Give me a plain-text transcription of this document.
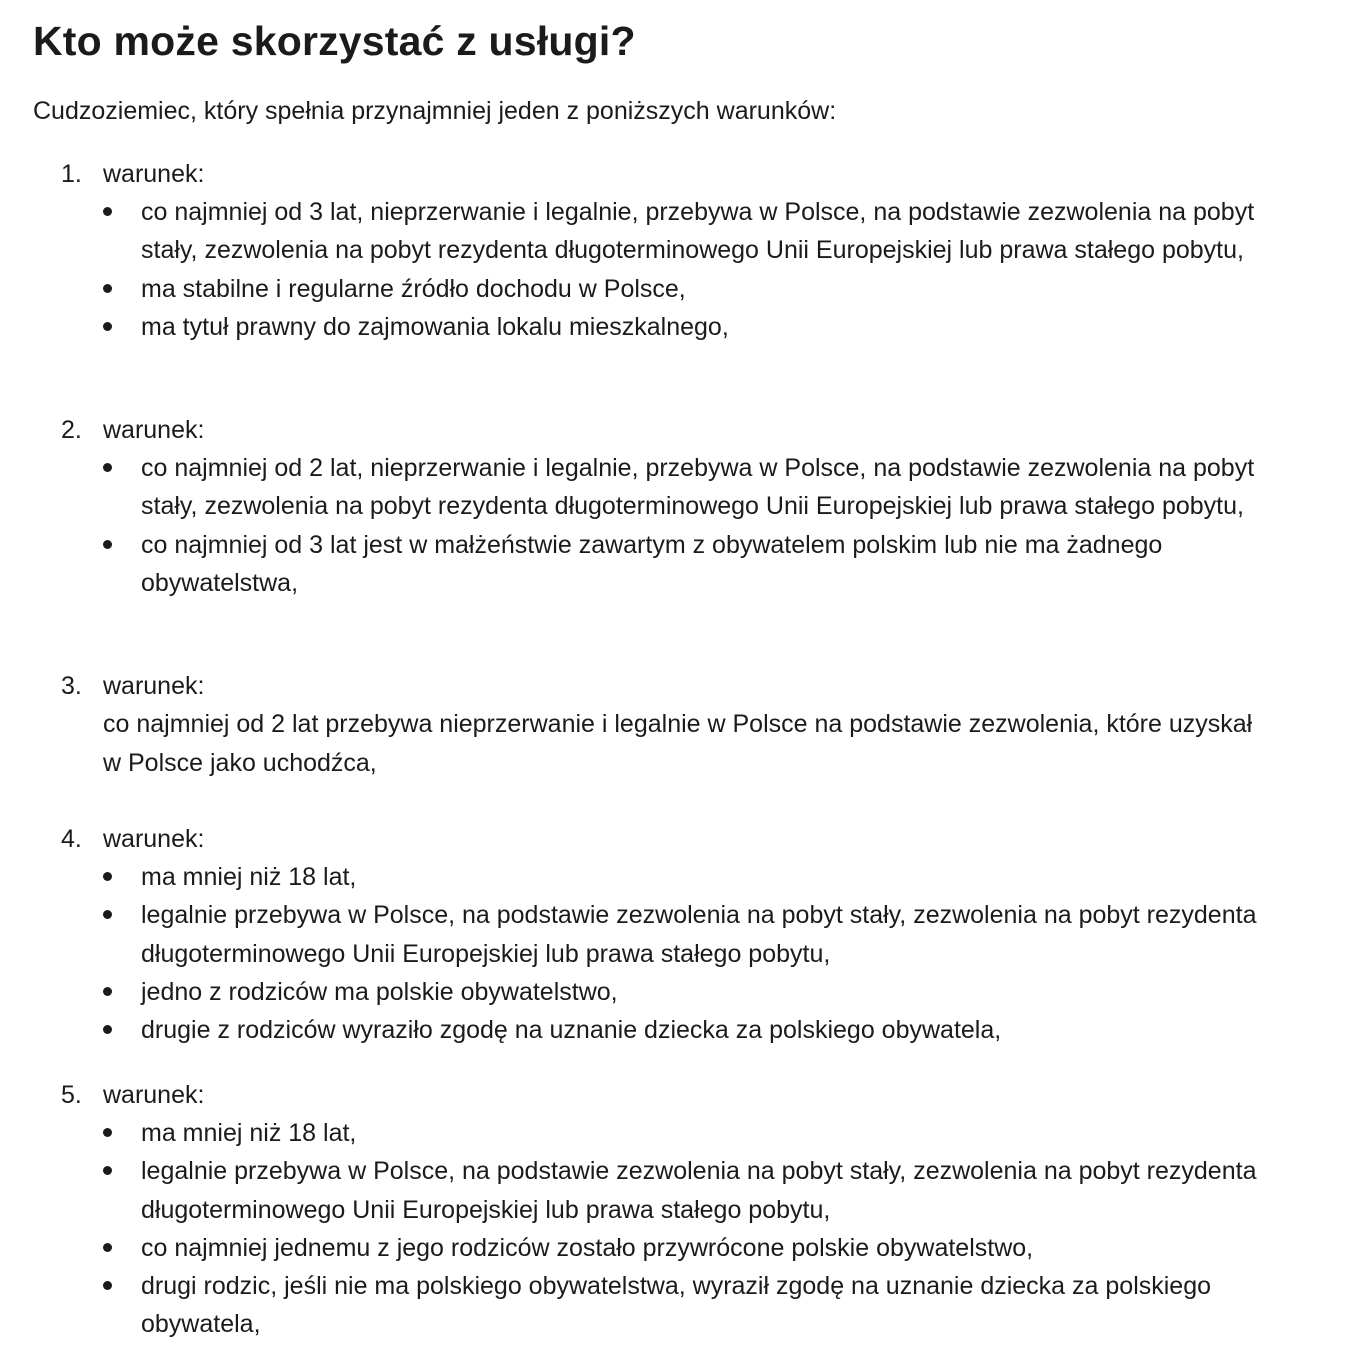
Kto może skorzystać z usługi?

Cudzoziemiec, który spełnia przynajmniej jeden z poniższych warunków:

1. warunek:
co najmniej od 3 lat, nieprzerwanie i legalnie, przebywa w Polsce, na podstawie zezwolenia na pobyt stały, zezwolenia na pobyt rezydenta długoterminowego Unii Europejskiej lub prawa stałego pobytu,
ma stabilne i regularne źródło dochodu w Polsce,
ma tytuł prawny do zajmowania lokalu mieszkalnego,
2. warunek:
co najmniej od 2 lat, nieprzerwanie i legalnie, przebywa w Polsce, na podstawie zezwolenia na pobyt stały, zezwolenia na pobyt rezydenta długoterminowego Unii Europejskiej lub prawa stałego pobytu,
co najmniej od 3 lat jest w małżeństwie zawartym z obywatelem polskim lub nie ma żadnego obywatelstwa,
3. warunek:

co najmniej od 2 lat przebywa nieprzerwanie i legalnie w Polsce na podstawie zezwolenia, które uzyskał w Polsce jako uchodźca,

4. warunek:
ma mniej niż 18 lat,
legalnie przebywa w Polsce, na podstawie zezwolenia na pobyt stały, zezwolenia na pobyt rezydenta długoterminowego Unii Europejskiej lub prawa stałego pobytu,
jedno z rodziców ma polskie obywatelstwo,
drugie z rodziców wyraziło zgodę na uznanie dziecka za polskiego obywatela,
5. warunek:
ma mniej niż 18 lat,
legalnie przebywa w Polsce, na podstawie zezwolenia na pobyt stały, zezwolenia na pobyt rezydenta długoterminowego Unii Europejskiej lub prawa stałego pobytu,
co najmniej jednemu z jego rodziców zostało przywrócone polskie obywatelstwo,
drugi rodzic, jeśli nie ma polskiego obywatelstwa, wyraził zgodę na uznanie dziecka za polskiego obywatela,
